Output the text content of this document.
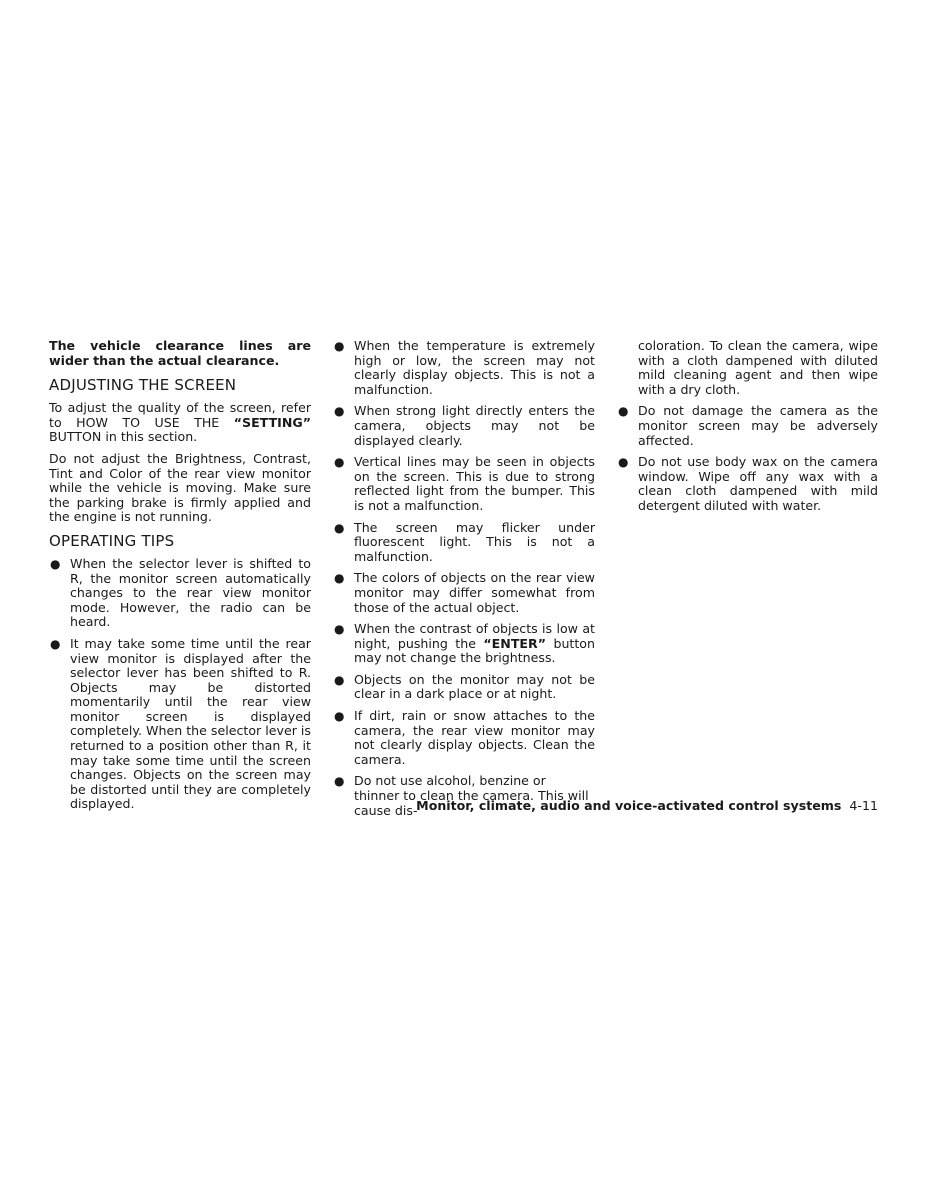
The vehicle clearance lines are wider than the actual clearance.

ADJUSTING THE SCREEN

To adjust the quality of the screen, refer to HOW TO USE THE “SETTING” BUTTON in this section.

Do not adjust the Brightness, Contrast, Tint and Color of the rear view monitor while the vehicle is moving. Make sure the parking brake is firmly applied and the engine is not running.

OPERATING TIPS
● When the selector lever is shifted to R, the monitor screen automatically changes to the rear view monitor mode. However, the radio can be heard.
● It may take some time until the rear view monitor is displayed after the selector lever has been shifted to R. Objects may be distorted momentarily until the rear view monitor screen is displayed completely. When the selector lever is returned to a position other than R, it may take some time until the screen changes. Objects on the screen may be distorted until they are completely displayed.
● When the temperature is extremely high or low, the screen may not clearly display objects. This is not a malfunction.
● When strong light directly enters the camera, objects may not be displayed clearly.
● Vertical lines may be seen in objects on the screen. This is due to strong reflected light from the bumper. This is not a malfunction.
● The screen may flicker under fluorescent light. This is not a malfunction.
● The colors of objects on the rear view monitor may differ somewhat from those of the actual object.
● When the contrast of objects is low at night, pushing the “ENTER” button may not change the brightness.
● Objects on the monitor may not be clear in a dark place or at night.
● If dirt, rain or snow attaches to the camera, the rear view monitor may not clearly display objects. Clean the camera.
● Do not use alcohol, benzine or thinner to clean the camera. This will cause dis-
coloration. To clean the camera, wipe with a cloth dampened with diluted mild cleaning agent and then wipe with a dry cloth.
● Do not damage the camera as the monitor screen may be adversely affected.
● Do not use body wax on the camera window. Wipe off any wax with a clean cloth dampened with mild detergent diluted with water.
Monitor, climate, audio and voice-activated control systems 4-11
